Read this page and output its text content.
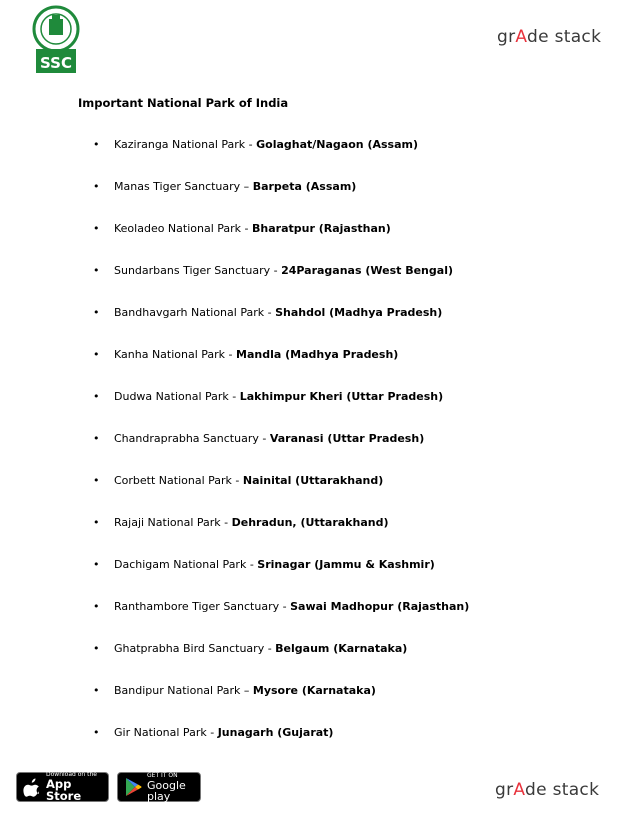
SSC
grAde stack
Important National Park of India
• Kaziranga National Park - Golaghat/Nagaon (Assam)
• Manas Tiger Sanctuary – Barpeta (Assam)
• Keoladeo National Park - Bharatpur (Rajasthan)
• Sundarbans Tiger Sanctuary - 24Paraganas (West Bengal)
• Bandhavgarh National Park - Shahdol (Madhya Pradesh)
• Kanha National Park - Mandla (Madhya Pradesh)
• Dudwa National Park - Lakhimpur Kheri (Uttar Pradesh)
• Chandraprabha Sanctuary - Varanasi (Uttar Pradesh)
• Corbett National Park - Nainital (Uttarakhand)
• Rajaji National Park - Dehradun, (Uttarakhand)
• Dachigam National Park - Srinagar (Jammu & Kashmir)
• Ranthambore Tiger Sanctuary - Sawai Madhopur (Rajasthan)
• Ghatprabha Bird Sanctuary - Belgaum (Karnataka)
• Bandipur National Park – Mysore (Karnataka)
• Gir National Park - Junagarh (Gujarat)
Download on the
App Store
GET IT ON
Google play	grAde stack
